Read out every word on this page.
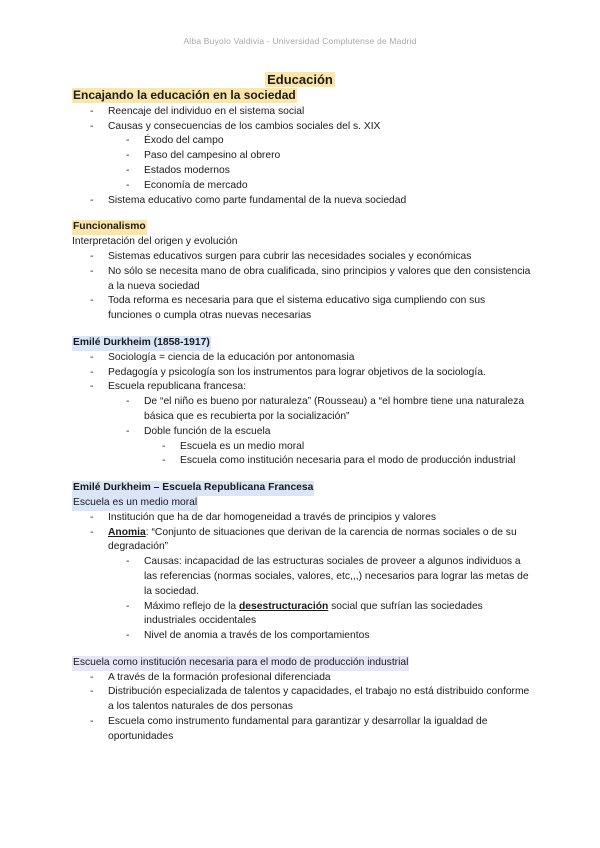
Alba Buyolo Valdivia - Universidad Complutense de Madrid
Educación
Encajando la educación en la sociedad
- Reencaje del individuo en el sistema social
- Causas y consecuencias de los cambios sociales del s. XIX
- Éxodo del campo
- Paso del campesino al obrero
- Estados modernos
- Economía de mercado
- Sistema educativo como parte fundamental de la nueva sociedad
Funcionalismo
Interpretación del origen y evolución
- Sistemas educativos surgen para cubrir las necesidades sociales y económicas
- No sólo se necesita mano de obra cualificada, sino principios y valores que den consistencia a la nueva sociedad
- Toda reforma es necesaria para que el sistema educativo siga cumpliendo con sus funciones o cumpla otras nuevas necesarias
Emilé Durkheim (1858-1917)
- Sociología = ciencia de la educación por antonomasia
- Pedagogía y psicología son los instrumentos para lograr objetivos de la sociología.
- Escuela republicana francesa:
- De “el niño es bueno por naturaleza” (Rousseau) a “el hombre tiene una naturaleza básica que es recubierta por la socialización”
- Doble función de la escuela
- Escuela es un medio moral
- Escuela como institución necesaria para el modo de producción industrial
Emilé Durkheim – Escuela Republicana Francesa
Escuela es un medio moral
- Institución que ha de dar homogeneidad a través de principios y valores
- Anomia: “Conjunto de situaciones que derivan de la carencia de normas sociales o de su degradación”
- Causas: incapacidad de las estructuras sociales de proveer a algunos individuos a las referencias (normas sociales, valores, etc,,,) necesarios para lograr las metas de la sociedad.
- Máximo reflejo de la desestructuración social que sufrían las sociedades industriales occidentales
- Nivel de anomia a través de los comportamientos
Escuela como institución necesaria para el modo de producción industrial
- A través de la formación profesional diferenciada
- Distribución especializada de talentos y capacidades, el trabajo no está distribuido conforme a los talentos naturales de dos personas
- Escuela como instrumento fundamental para garantizar y desarrollar la igualdad de oportunidades
